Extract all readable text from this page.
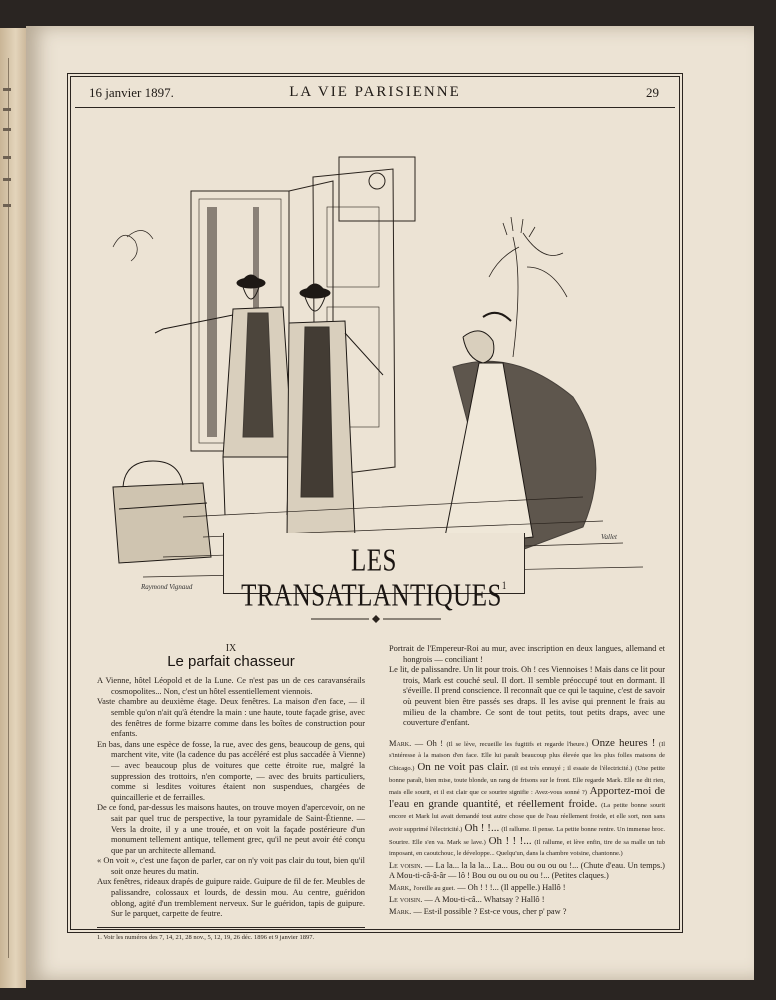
16 janvier 1897.	LA VIE PARISIENNE	29
Raymond Vignaud
Vallet
LES TRANSATLANTIQUES$^1$
IX
Le parfait chasseur

A Vienne, hôtel Léopold et de la Lune. Ce n'est pas un de ces caravansérails cosmopolites... Non, c'est un hôtel essentiellement viennois.

Vaste chambre au deuxième étage. Deux fenêtres. La maison d'en face, — il semble qu'on n'ait qu'à étendre la main : une haute, toute façade grise, avec des fenêtres de forme bizarre comme dans les boîtes de construction pour enfants.

En bas, dans une espèce de fosse, la rue, avec des gens, beaucoup de gens, qui marchent vite, vite (la cadence du pas accéléré est plus saccadée à Vienne) — avec beaucoup plus de voitures que cette étroite rue, malgré la suppression des trottoirs, n'en comporte, — avec des bruits particuliers, comme si lesdites voitures étaient non suspendues, chargées de quincaillerie et de ferrailles.

De ce fond, par-dessus les maisons hautes, on trouve moyen d'apercevoir, on ne sait par quel truc de perspective, la tour pyramidale de Saint-Étienne. — Vers la droite, il y a une trouée, et on voit la façade postérieure d'un monument tellement antique, tellement grec, qu'il ne peut avoir été conçu que par un architecte allemand.

« On voit », c'est une façon de parler, car on n'y voit pas clair du tout, bien qu'il soit onze heures du matin.

Aux fenêtres, rideaux drapés de guipure raide. Guipure de fil de fer. Meubles de palissandre, colossaux et lourds, de dessin mou. Au centre, guéridon oblong, agité d'un tremblement nerveux. Sur le guéridon, tapis de guipure. Sur le parquet, carpette de feutre.

1. Voir les numéros des 7, 14, 21, 28 nov., 5, 12, 19, 26 déc. 1896 et 9 janvier 1897.

Portrait de l'Empereur-Roi au mur, avec inscription en deux langues, allemand et hongrois — conciliant !

Le lit, de palissandre. Un lit pour trois. Oh ! ces Viennoises ! Mais dans ce lit pour trois, Mark est couché seul. Il dort. Il semble préoccupé tout en dormant. Il s'éveille. Il prend conscience. Il reconnaît que ce qui le taquine, c'est de savoir où peuvent bien être passés ses draps. Il les avise qui prennent le frais au milieu de la chambre. Ce sont de tout petits, tout petits draps, avec une couverture d'enfant.

Mark. — Oh ! (Il se lève, recueille les fugitifs et regarde l'heure.) Onze heures ! (Il s'intéresse à la maison d'en face. Elle lui paraît beaucoup plus élevée que les plus folles maisons de Chicago.) On ne voit pas clair. (Il est très ennuyé ; il essaie de l'électricité.) (Une petite bonne paraît, bien mise, toute blonde, un rang de frisons sur le front. Elle regarde Mark. Elle ne dit rien, mais elle sourit, et il est clair que ce sourire signifie : Avez-vous sonné ?) Apportez-moi de l'eau en grande quantité, et réellement froide. (La petite bonne sourit encore et Mark lui avait demandé tout autre chose que de l'eau réellement froide, et elle sort, non sans avoir supprimé l'électricité.) Oh ! !... (Il rallume. Il pense. La petite bonne rentre. Un immense broc. Sourire. Elle s'en va. Mark se lave.) Oh ! ! !... (Il rallume, et lève enfin, tire de sa malle un tub imposant, en caoutchouc, le développe... Quelqu'un, dans la chambre voisine, chantonne.)

Le voisin. — La la... la la la... La... Bou ou ou ou ou !... (Chute d'eau. Un temps.) A Mou-ti-câ-â-âr — lô ! Bou ou ou ou ou ou !... (Petites claques.)

Mark, l'oreille au guet. — Oh ! ! !... (Il appelle.) Hallô !

Le voisin. — A Mou-ti-câ... Whatsay ? Hallô !

Mark. — Est-il possible ? Est-ce vous, cher p' paw ?
